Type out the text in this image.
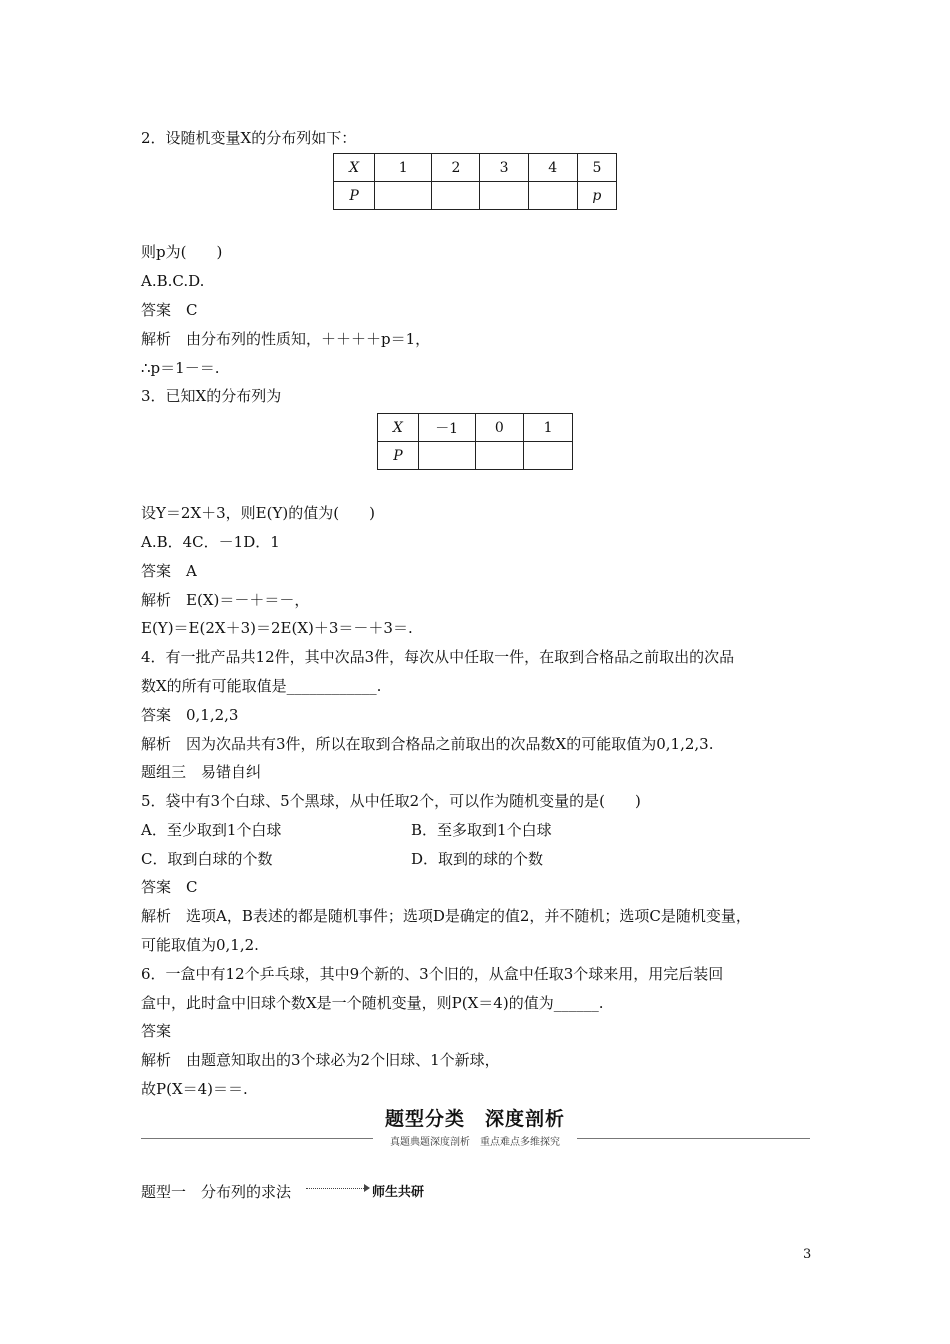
2．设随机变量X的分布列如下：
X	1	2	3	4	5
P					p
则p为(　　)
A.B.C.D.
答案　C
解析　由分布列的性质知，＋＋＋＋p＝1，
∴p＝1－＝.
3．已知X的分布列为
X	－1	0	1
P			
设Y＝2X＋3，则E(Y)的值为(　　)
A.B．4C．－1D．1
答案　A
解析　E(X)＝－＋＝－，
E(Y)＝E(2X＋3)＝2E(X)＋3＝－＋3＝.
4．有一批产品共12件，其中次品3件，每次从中任取一件，在取到合格品之前取出的次品
数X的所有可能取值是____________.
答案　0,1,2,3
解析　因为次品共有3件，所以在取到合格品之前取出的次品数X的可能取值为0,1,2,3.
题组三　易错自纠
5．袋中有3个白球、5个黑球，从中任取2个，可以作为随机变量的是(　　)
A．至少取到1个白球	B．至多取到1个白球
C．取到白球的个数	D．取到的球的个数
答案　C
解析　选项A，B表述的都是随机事件；选项D是确定的值2，并不随机；选项C是随机变量，
可能取值为0,1,2.
6．一盒中有12个乒乓球，其中9个新的、3个旧的，从盒中任取3个球来用，用完后装回
盒中，此时盒中旧球个数X是一个随机变量，则P(X＝4)的值为______.
答案
解析　由题意知取出的3个球必为2个旧球、1个新球，
故P(X＝4)＝＝.
题型分类　深度剖析
真题典题深度剖析　重点难点多维探究
题型一　分布列的求法	师生共研
3
